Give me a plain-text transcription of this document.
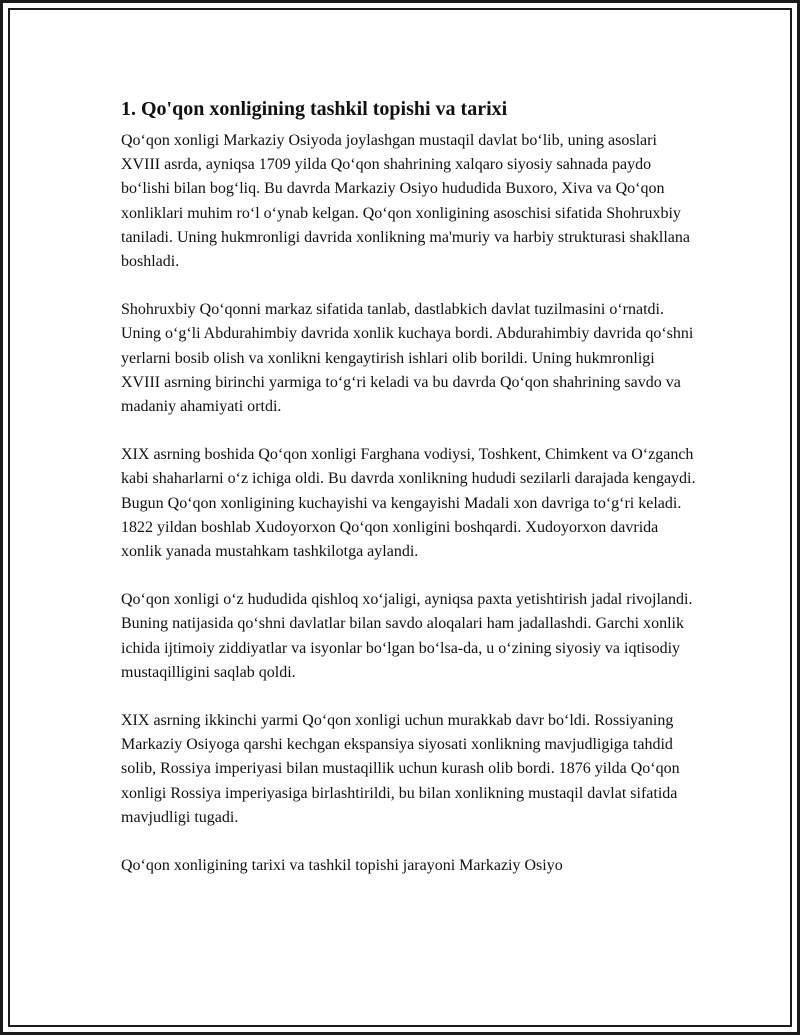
1. Qo'qon xonligining tashkil topishi va tarixi

Qo‘qon xonligi Markaziy Osiyoda joylashgan mustaqil davlat bo‘lib, uning asoslari XVIII asrda, ayniqsa 1709 yilda Qo‘qon shahrining xalqaro siyosiy sahnada paydo bo‘lishi bilan bog‘liq. Bu davrda Markaziy Osiyo hududida Buxoro, Xiva va Qo‘qon xonliklari muhim ro‘l o‘ynab kelgan. Qo‘qon xonligining asoschisi sifatida Shohruxbiy taniladi. Uning hukmronligi davrida xonlikning ma'muriy va harbiy strukturasi shakllana boshladi.

Shohruxbiy Qo‘qonni markaz sifatida tanlab, dastlabkich davlat tuzilmasini o‘rnatdi. Uning o‘g‘li Abdurahimbiy davrida xonlik kuchaya bordi. Abdurahimbiy davrida qo‘shni yerlarni bosib olish va xonlikni kengaytirish ishlari olib borildi. Uning hukmronligi XVIII asrning birinchi yarmiga to‘g‘ri keladi va bu davrda Qo‘qon shahrining savdo va madaniy ahamiyati ortdi.

XIX asrning boshida Qo‘qon xonligi Farghana vodiysi, Toshkent, Chimkent va O‘zganch kabi shaharlarni o‘z ichiga oldi. Bu davrda xonlikning hududi sezilarli darajada kengaydi. Bugun Qo‘qon xonligining kuchayishi va kengayishi Madali xon davriga to‘g‘ri keladi. 1822 yildan boshlab Xudoyorxon Qo‘qon xonligini boshqardi. Xudoyorxon davrida xonlik yanada mustahkam tashkilotga aylandi.

Qo‘qon xonligi o‘z hududida qishloq xo‘jaligi, ayniqsa paxta yetishtirish jadal rivojlandi. Buning natijasida qo‘shni davlatlar bilan savdo aloqalari ham jadallashdi. Garchi xonlik ichida ijtimoiy ziddiyatlar va isyonlar bo‘lgan bo‘lsa-da, u o‘zining siyosiy va iqtisodiy mustaqilligini saqlab qoldi.

XIX asrning ikkinchi yarmi Qo‘qon xonligi uchun murakkab davr bo‘ldi. Rossiyaning Markaziy Osiyoga qarshi kechgan ekspansiya siyosati xonlikning mavjudligiga tahdid solib, Rossiya imperiyasi bilan mustaqillik uchun kurash olib bordi. 1876 yilda Qo‘qon xonligi Rossiya imperiyasiga birlashtirildi, bu bilan xonlikning mustaqil davlat sifatida mavjudligi tugadi.

Qo‘qon xonligining tarixi va tashkil topishi jarayoni Markaziy Osiyo
